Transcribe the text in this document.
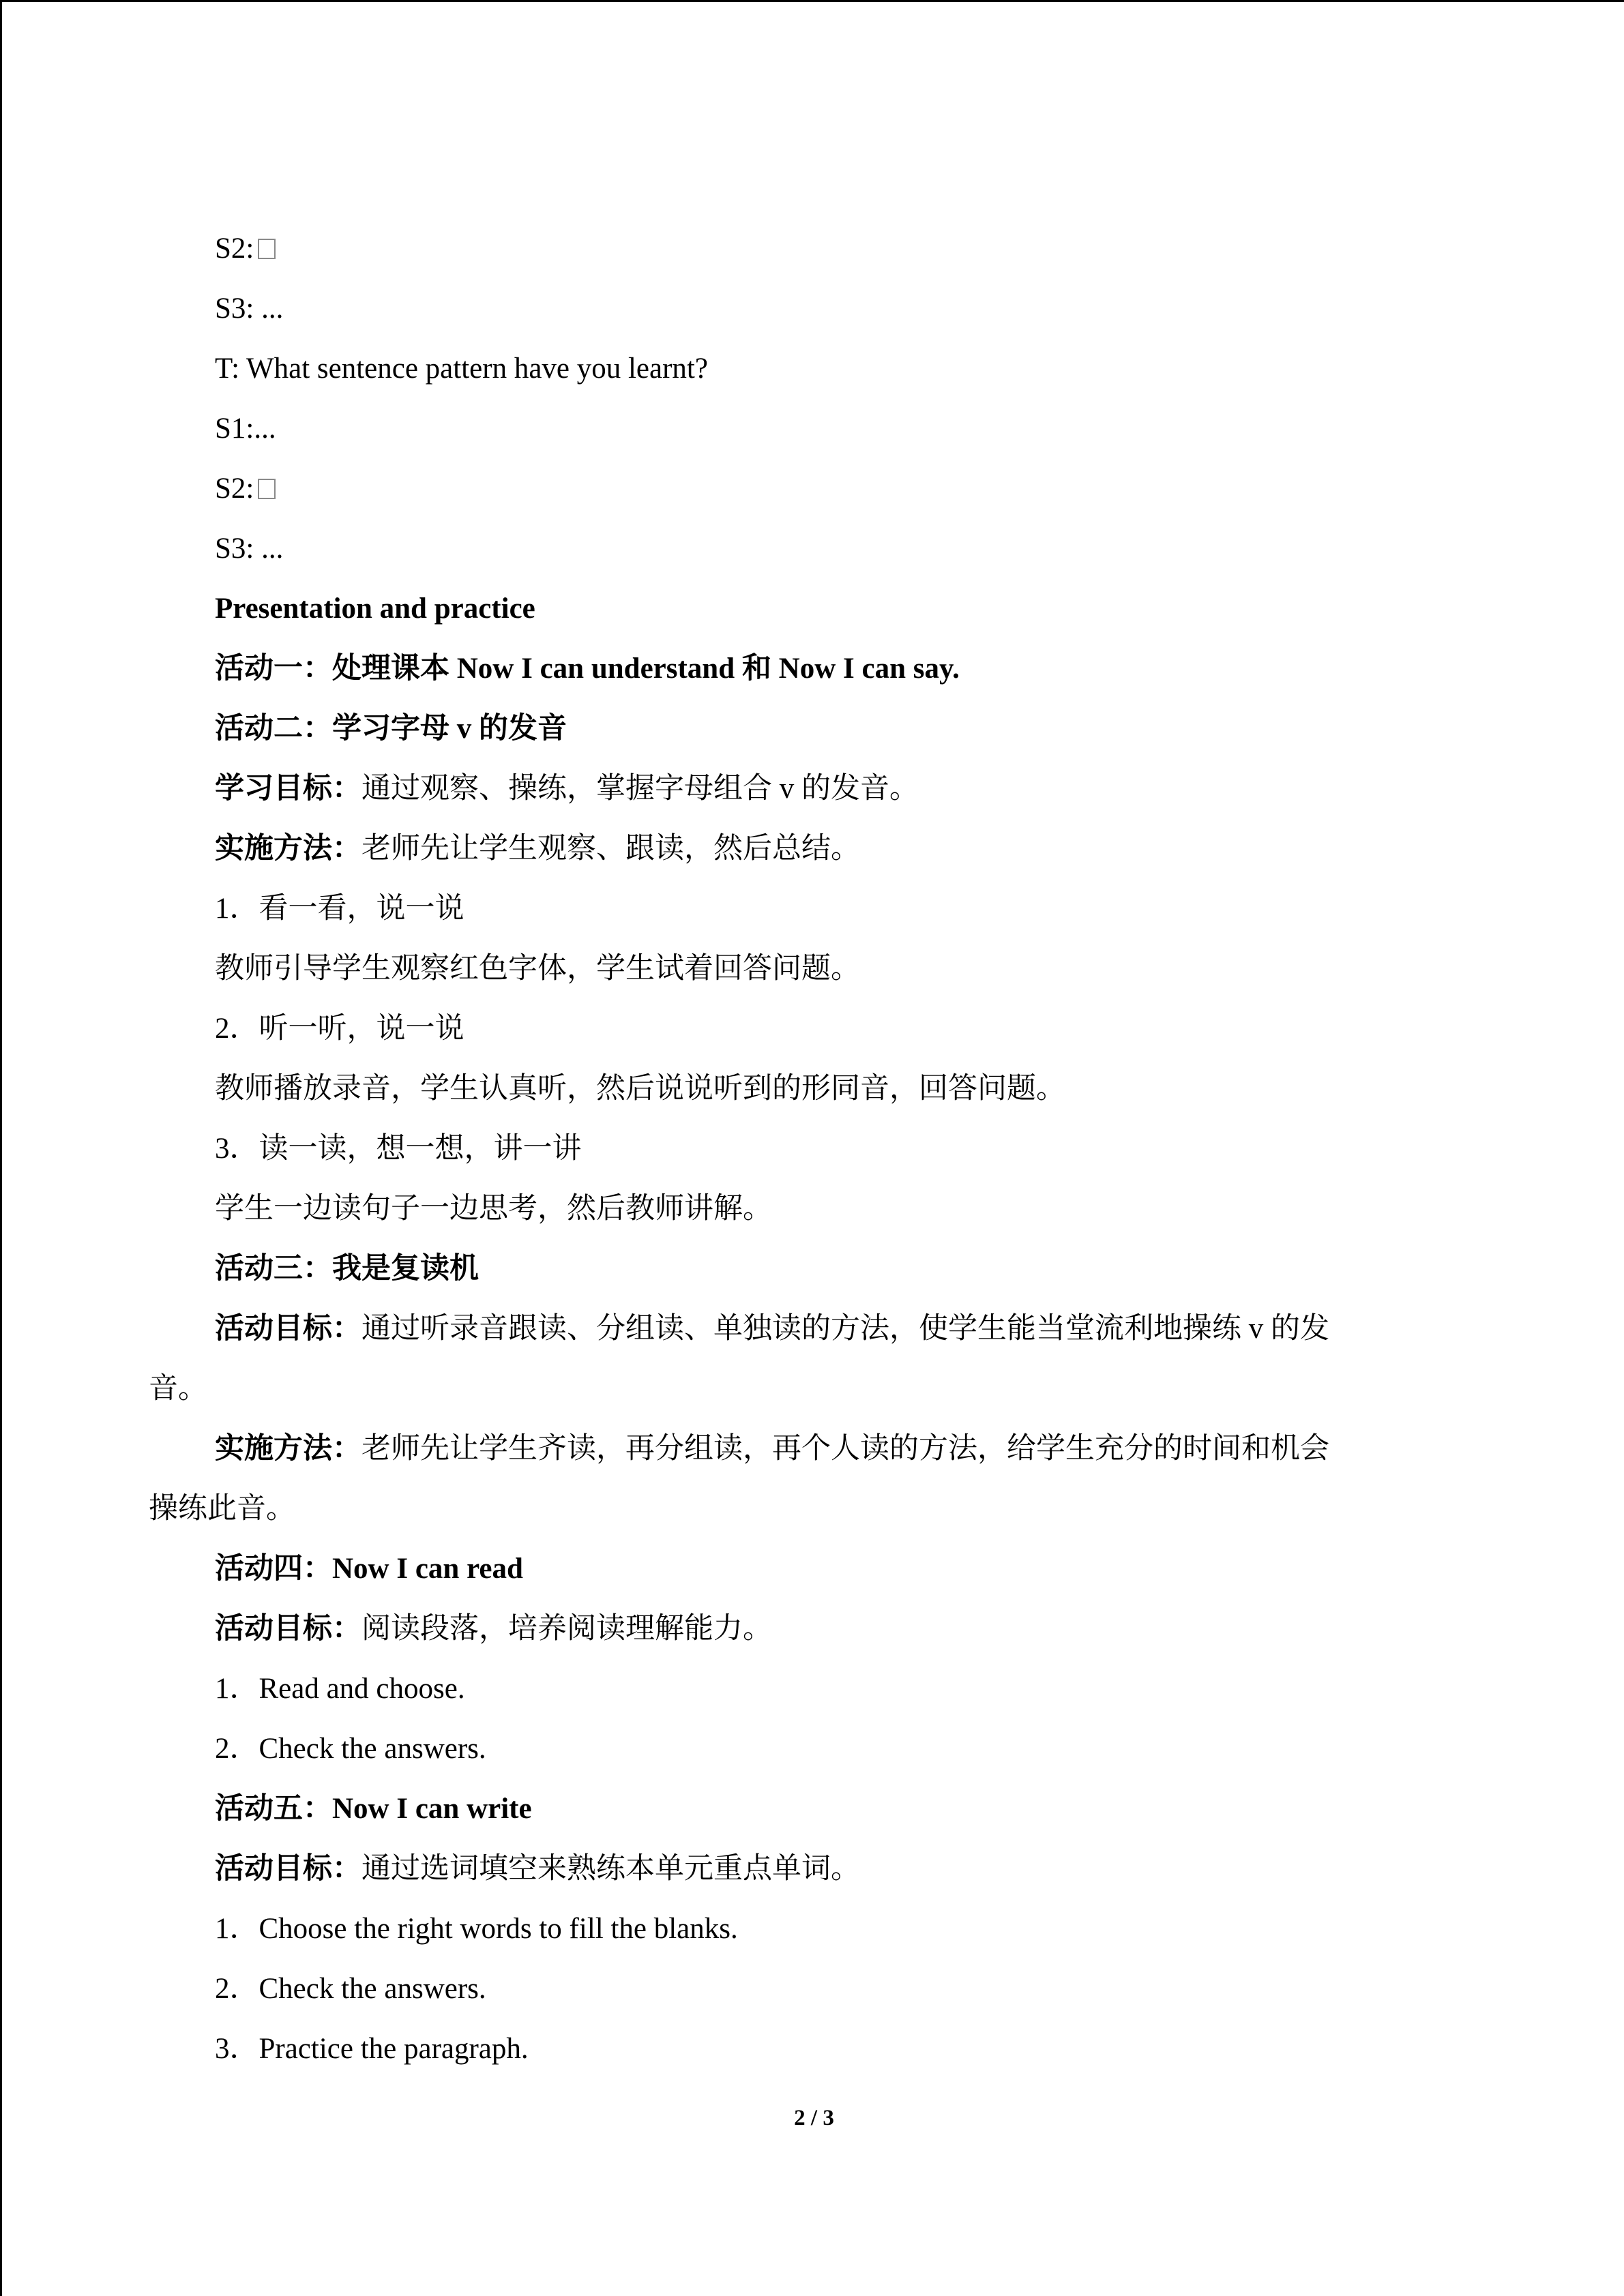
S2:
S3: ...
T: What sentence pattern have you learnt?
S1:...
S2:
S3: ...
Presentation and practice
活动一：处理课本 Now I can understand 和 Now I can say.
活动二：学习字母 v 的发音
学习目标：通过观察、操练，掌握字母组合 v 的发音。
实施方法：老师先让学生观察、跟读，然后总结。
1．看一看，说一说
教师引导学生观察红色字体，学生试着回答问题。
2．听一听，说一说
教师播放录音，学生认真听，然后说说听到的形同音，回答问题。
3．读一读，想一想，讲一讲
学生一边读句子一边思考，然后教师讲解。
活动三：我是复读机
活动目标：通过听录音跟读、分组读、单独读的方法，使学生能当堂流利地操练 v 的发
音。
实施方法：老师先让学生齐读，再分组读，再个人读的方法，给学生充分的时间和机会
操练此音。
活动四：Now I can read
活动目标：阅读段落，培养阅读理解能力。
1．Read and choose.
2．Check the answers.
活动五：Now I can write
活动目标：通过选词填空来熟练本单元重点单词。
1．Choose the right words to fill the blanks.
2．Check the answers.
3．Practice the paragraph.
2 / 3
